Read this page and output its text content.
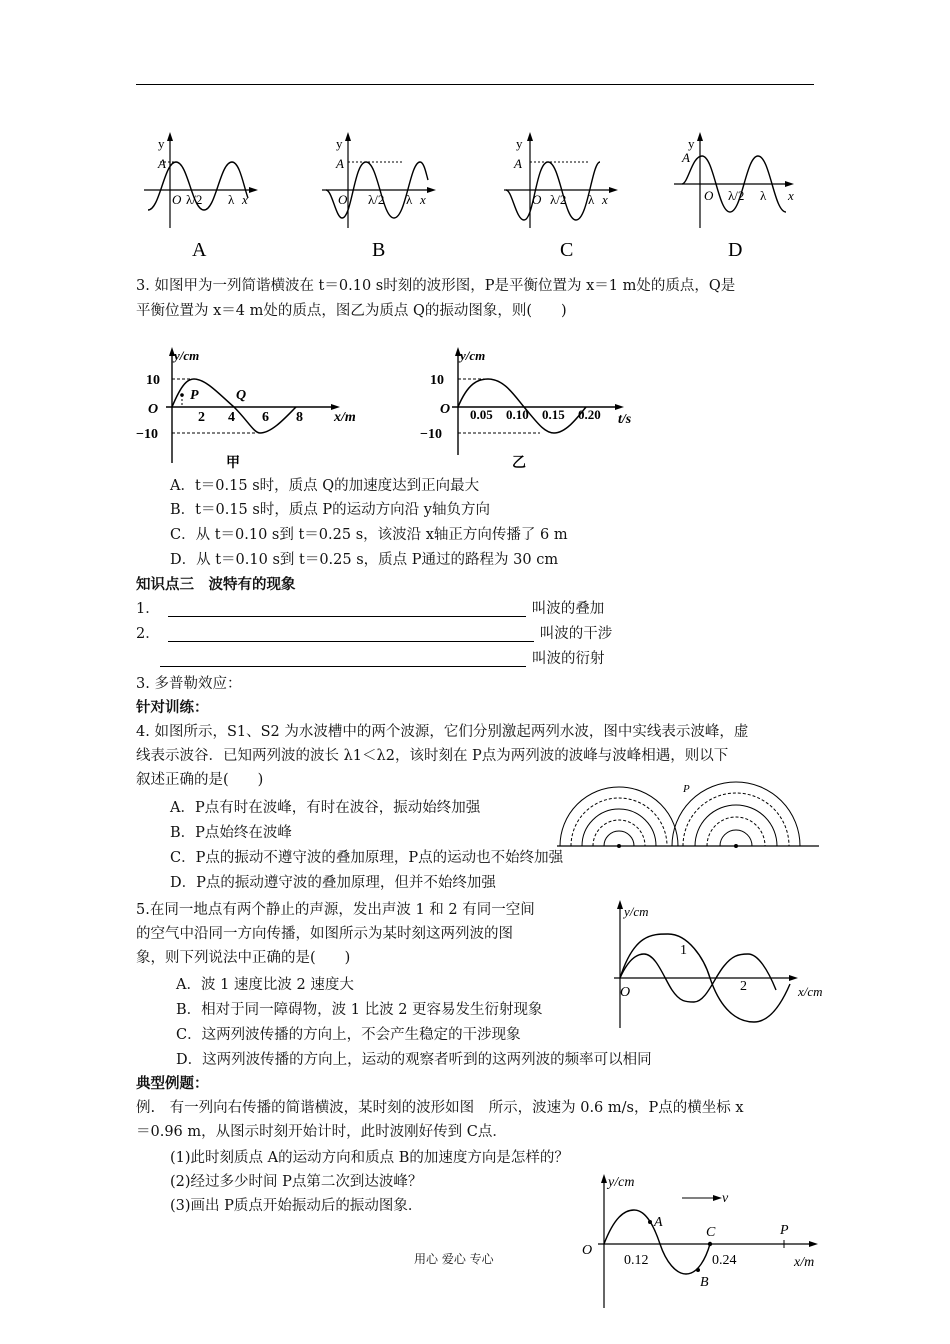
y
A
O λ/2 λ x
A
y
A
O λ/2 λ x
B
y
A
O λ/2 λ x
C
y
A
O λ/2 λ x
D
3. 如图甲为一列简谐横波在 t＝0.10 s时刻的波形图，P是平衡位置为 x＝1 m处的质点，Q是
平衡位置为 x＝4 m处的质点，图乙为质点 Q的振动图象，则(　　)
y/cm
10
O
−10
P	Q
2 4 6 8 x/m
甲
y/cm
10
O
−10
0.05 0.10 0.15 0.20 t/s
乙
A．t＝0.15 s时，质点 Q的加速度达到正向最大
B．t＝0.15 s时，质点 P的运动方向沿 y轴负方向
C．从 t＝0.10 s到 t＝0.25 s，该波沿 x轴正方向传播了 6 m
D．从 t＝0.10 s到 t＝0.25 s，质点 P通过的路程为 30 cm
知识点三　波特有的现象
1．	叫波的叠加
2．	叫波的干涉
叫波的衍射
3. 多普勒效应：
针对训练：
4. 如图所示，S1、S2 为水波槽中的两个波源，它们分别激起两列水波，图中实线表示波峰，虚
线表示波谷．已知两列波的波长 λ1＜λ2，该时刻在 P点为两列波的波峰与波峰相遇，则以下
叙述正确的是(　　)
A．P点有时在波峰，有时在波谷，振动始终加强
B．P点始终在波峰
C．P点的振动不遵守波的叠加原理，P点的运动也不始终加强
D．P点的振动遵守波的叠加原理，但并不始终加强
P
5.在同一地点有两个静止的声源，发出声波 1 和 2 有同一空间
的空气中沿同一方向传播，如图所示为某时刻这两列波的图
象，则下列说法中正确的是(　　)
A．波 1 速度比波 2 速度大
B．相对于同一障碍物，波 1 比波 2 更容易发生衍射现象
C．这两列波传播的方向上，不会产生稳定的干涉现象
D．这两列波传播的方向上，运动的观察者听到的这两列波的频率可以相同
y/cm
O	x/cm
1
2
典型例题：
例.　有一列向右传播的简谐横波，某时刻的波形如图　所示，波速为 0.6 m/s，P点的横坐标 x
＝0.96 m，从图示时刻开始计时，此时波刚好传到 C点．
(1)此时刻质点 A的运动方向和质点 B的加速度方向是怎样的？
(2)经过多少时间 P点第二次到达波峰？
(3)画出 P质点开始振动后的振动图象．
y/cm
v
A
C	P
B
O
0.12	0.24	x/m
用心 爱心 专心
